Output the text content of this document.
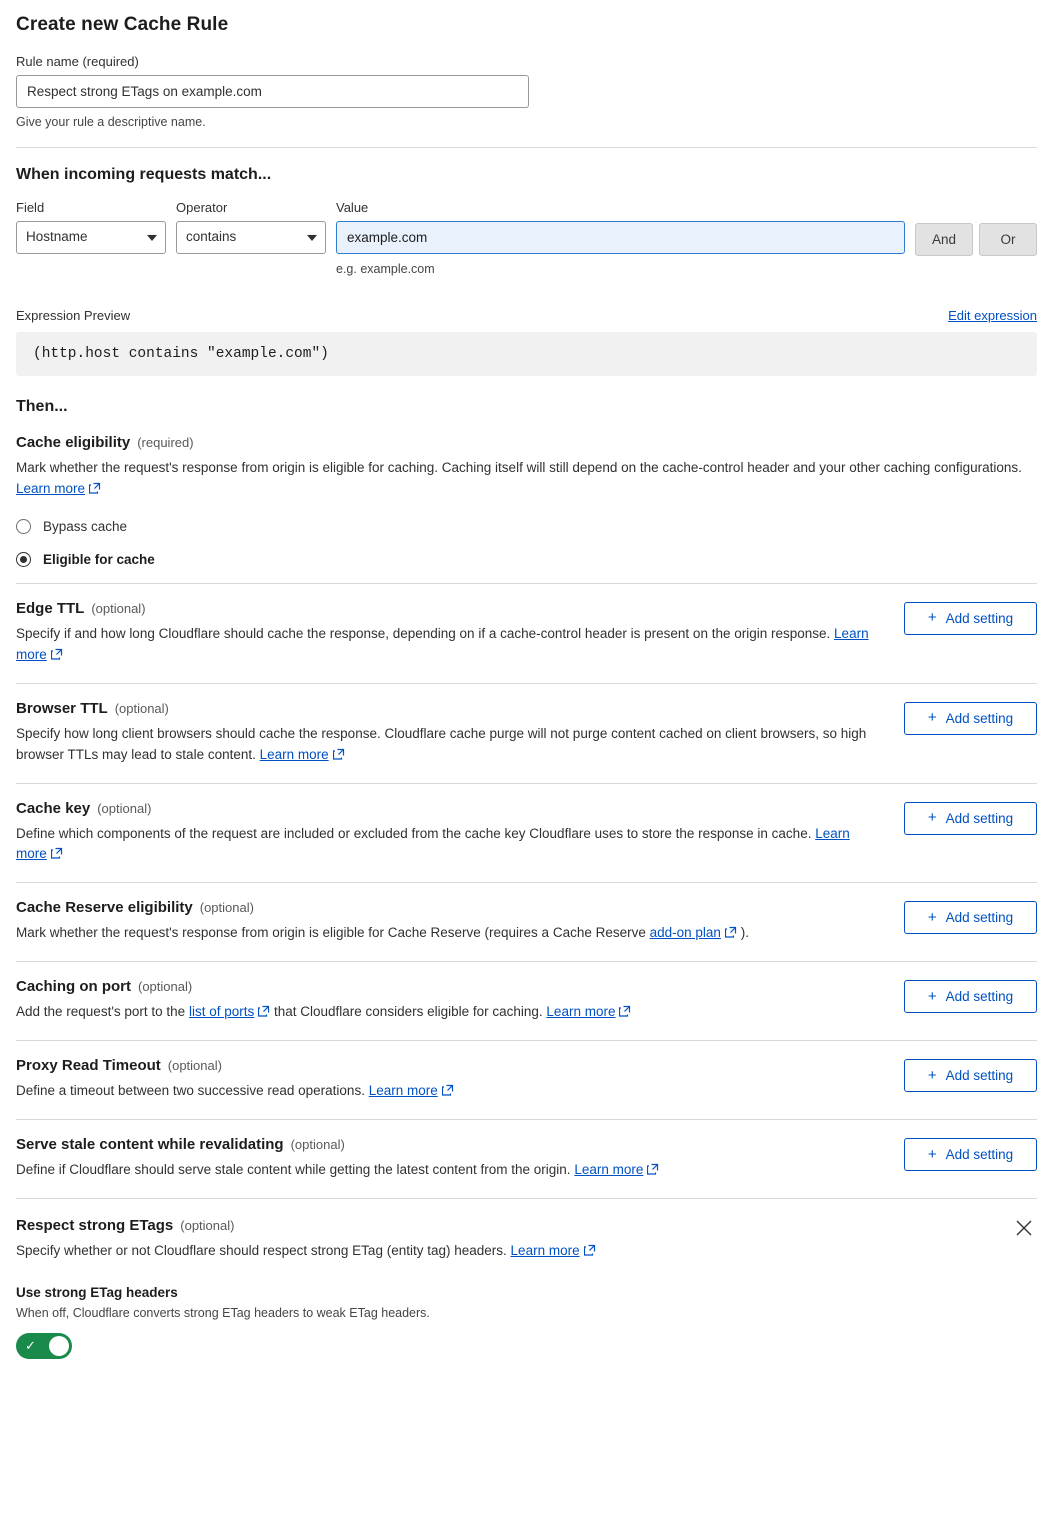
Create new Cache Rule
Rule name (required)
Respect strong ETags on example.com
Give your rule a descriptive name.
When incoming requests match...
Field
Hostname
Operator
contains
Value
example.com
e.g. example.com
And	Or
Expression Preview	Edit expression
(http.host contains "example.com")
Then...
Cache eligibility (required)
Mark whether the request's response from origin is eligible for caching. Caching itself will still depend on the cache-control header and your other caching configurations. Learn more
Bypass cache
Eligible for cache
Edge TTL (optional)
Specify if and how long Cloudflare should cache the response, depending on if a cache-control header is present on the origin response. Learn more
+ Add setting
Browser TTL (optional)
Specify how long client browsers should cache the response. Cloudflare cache purge will not purge content cached on client browsers, so high browser TTLs may lead to stale content. Learn more
+ Add setting
Cache key (optional)
Define which components of the request are included or excluded from the cache key Cloudflare uses to store the response in cache. Learn more
+ Add setting
Cache Reserve eligibility (optional)
Mark whether the request's response from origin is eligible for Cache Reserve (requires a Cache Reserve add-on plan ).
+ Add setting
Caching on port (optional)
Add the request's port to the list of ports that Cloudflare considers eligible for caching. Learn more
+ Add setting
Proxy Read Timeout (optional)
Define a timeout between two successive read operations. Learn more
+ Add setting
Serve stale content while revalidating (optional)
Define if Cloudflare should serve stale content while getting the latest content from the origin. Learn more
+ Add setting
Respect strong ETags (optional)
Specify whether or not Cloudflare should respect strong ETag (entity tag) headers. Learn more
Use strong ETag headers
When off, Cloudflare converts strong ETag headers to weak ETag headers.
✓
